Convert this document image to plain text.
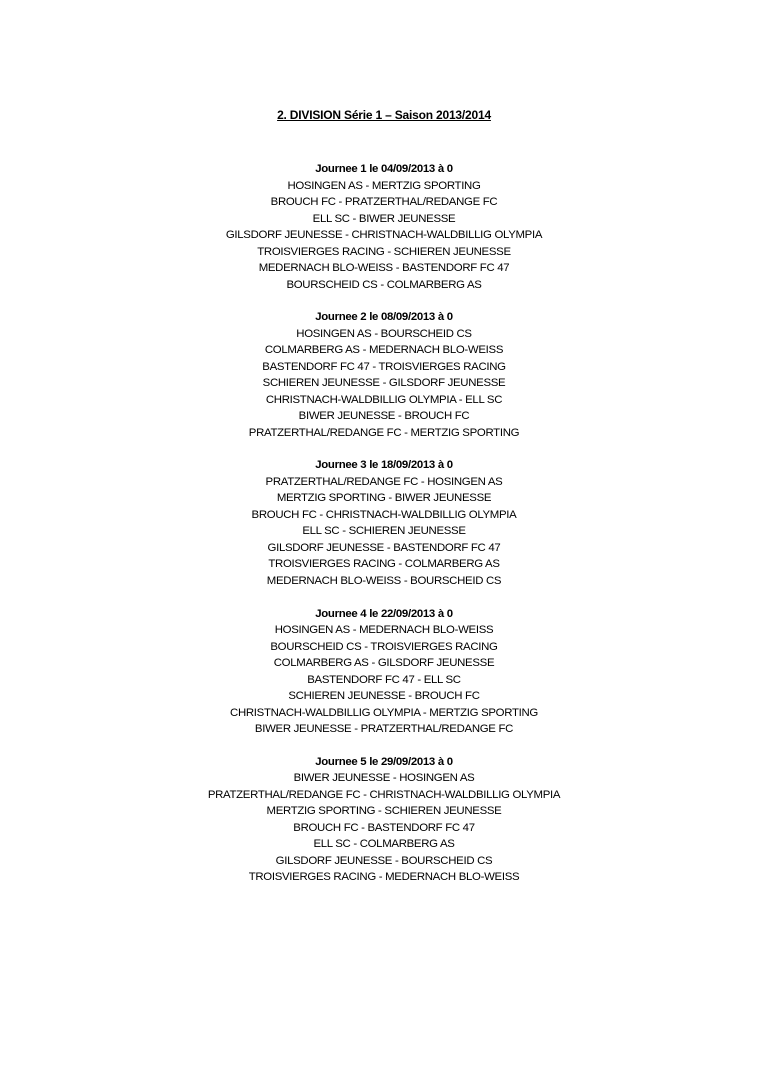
2. DIVISION Série 1 – Saison 2013/2014
Journee 1 le 04/09/2013 à 0
HOSINGEN AS - MERTZIG SPORTING
BROUCH FC - PRATZERTHAL/REDANGE FC
ELL SC - BIWER JEUNESSE
GILSDORF JEUNESSE - CHRISTNACH-WALDBILLIG OLYMPIA
TROISVIERGES RACING - SCHIEREN JEUNESSE
MEDERNACH BLO-WEISS - BASTENDORF FC 47
BOURSCHEID CS - COLMARBERG AS
Journee 2 le 08/09/2013 à 0
HOSINGEN AS - BOURSCHEID CS
COLMARBERG AS - MEDERNACH BLO-WEISS
BASTENDORF FC 47 - TROISVIERGES RACING
SCHIEREN JEUNESSE - GILSDORF JEUNESSE
CHRISTNACH-WALDBILLIG OLYMPIA - ELL SC
BIWER JEUNESSE - BROUCH FC
PRATZERTHAL/REDANGE FC - MERTZIG SPORTING
Journee 3 le 18/09/2013 à 0
PRATZERTHAL/REDANGE FC - HOSINGEN AS
MERTZIG SPORTING - BIWER JEUNESSE
BROUCH FC - CHRISTNACH-WALDBILLIG OLYMPIA
ELL SC - SCHIEREN JEUNESSE
GILSDORF JEUNESSE - BASTENDORF FC 47
TROISVIERGES RACING - COLMARBERG AS
MEDERNACH BLO-WEISS - BOURSCHEID CS
Journee 4 le 22/09/2013 à 0
HOSINGEN AS - MEDERNACH BLO-WEISS
BOURSCHEID CS - TROISVIERGES RACING
COLMARBERG AS - GILSDORF JEUNESSE
BASTENDORF FC 47 - ELL SC
SCHIEREN JEUNESSE - BROUCH FC
CHRISTNACH-WALDBILLIG OLYMPIA - MERTZIG SPORTING
BIWER JEUNESSE - PRATZERTHAL/REDANGE FC
Journee 5 le 29/09/2013 à 0
BIWER JEUNESSE - HOSINGEN AS
PRATZERTHAL/REDANGE FC - CHRISTNACH-WALDBILLIG OLYMPIA
MERTZIG SPORTING - SCHIEREN JEUNESSE
BROUCH FC - BASTENDORF FC 47
ELL SC - COLMARBERG AS
GILSDORF JEUNESSE - BOURSCHEID CS
TROISVIERGES RACING - MEDERNACH BLO-WEISS
